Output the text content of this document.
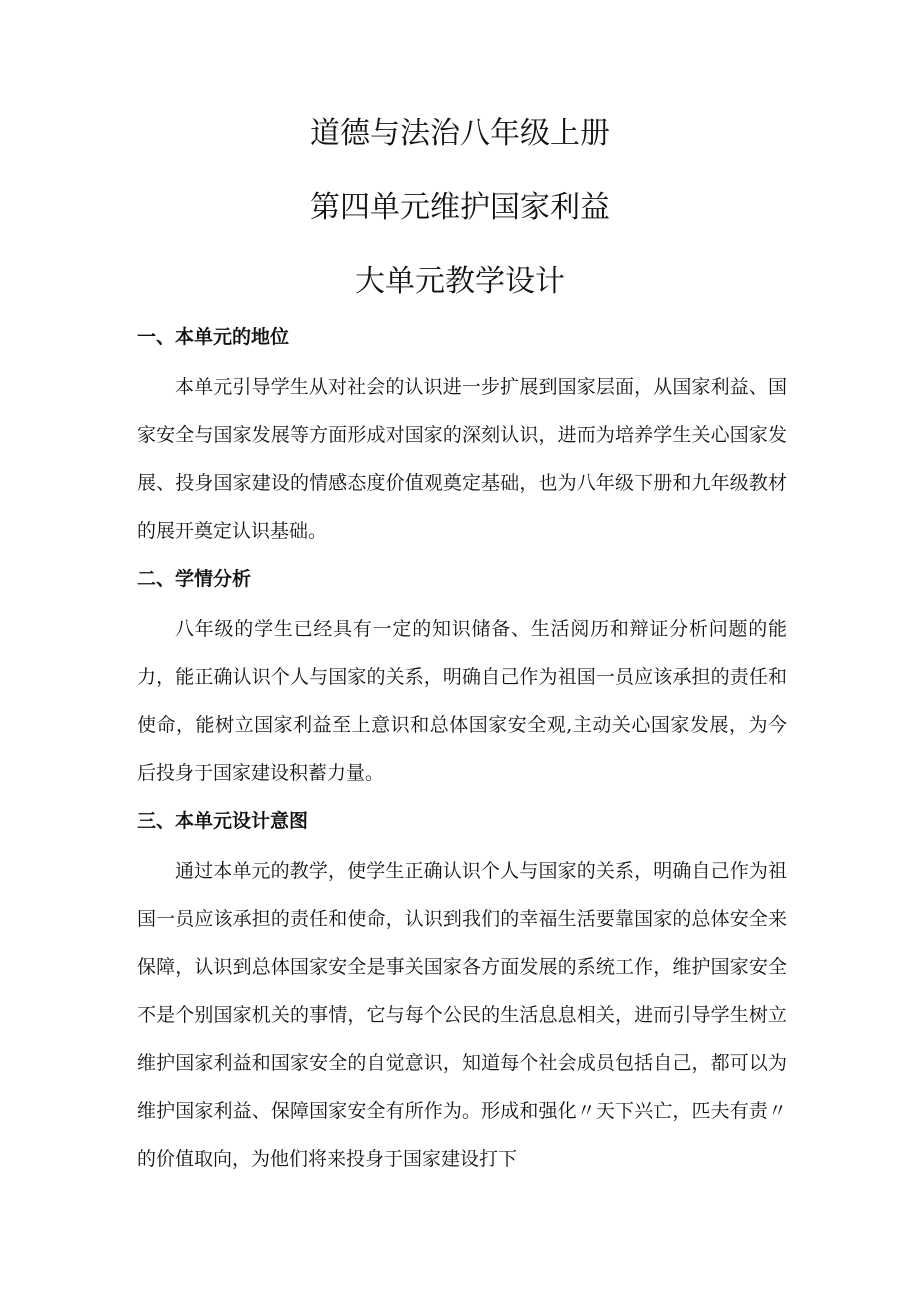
道德与法治八年级上册
第四单元维护国家利益
大单元教学设计
一、本单元的地位

本单元引导学生从对社会的认识进一步扩展到国家层面，从国家利益、国家安全与国家发展等方面形成对国家的深刻认识，进而为培养学生关心国家发展、投身国家建设的情感态度价值观奠定基础，也为八年级下册和九年级教材的展开奠定认识基础。

二、学情分析

八年级的学生已经具有一定的知识储备、生活阅历和辩证分析问题的能力，能正确认识个人与国家的关系，明确自己作为祖国一员应该承担的责任和使命，能树立国家利益至上意识和总体国家安全观,主动关心国家发展，为今后投身于国家建设积蓄力量。

三、本单元设计意图

通过本单元的教学，使学生正确认识个人与国家的关系，明确自己作为祖国一员应该承担的责任和使命，认识到我们的幸福生活要靠国家的总体安全来保障，认识到总体国家安全是事关国家各方面发展的系统工作，维护国家安全不是个别国家机关的事情，它与每个公民的生活息息相关，进而引导学生树立维护国家利益和国家安全的自觉意识，知道每个社会成员包括自己，都可以为维护国家利益、保障国家安全有所作为。形成和强化〃天下兴亡，匹夫有责〃的价值取向，为他们将来投身于国家建设打下
